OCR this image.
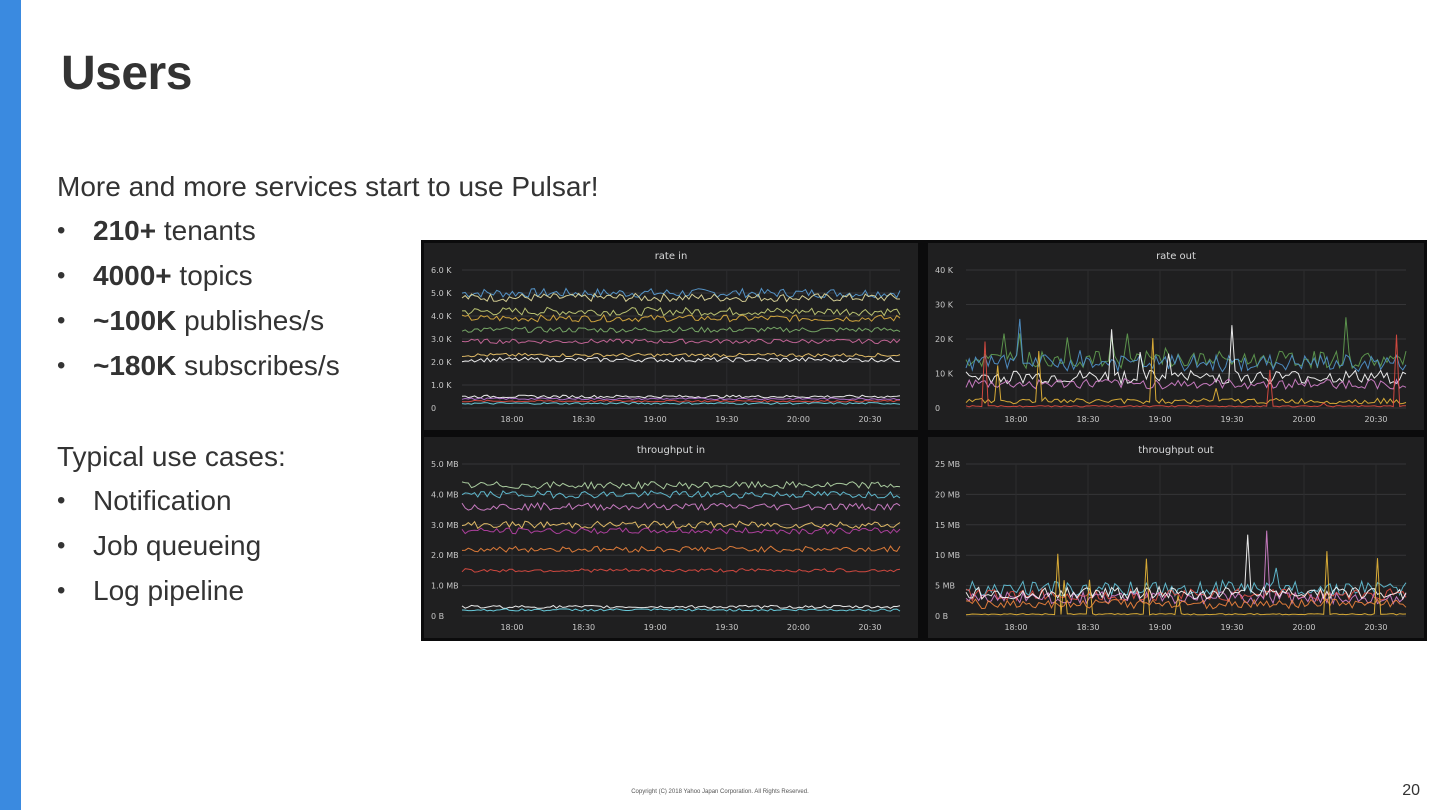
Users
More and more services start to use Pulsar!
• 210+ tenants
• 4000+ topics
• ~100K publishes/s
• ~180K subscribes/s
Typical use cases:
• Notification
• Job queueing
• Log pipeline
rate in
0
1.0 K
2.0 K
3.0 K
4.0 K
5.0 K
6.0 K
18:00	18:30	19:00	19:30	20:00	20:30
rate out
0
10 K
20 K
30 K
40 K
18:00	18:30	19:00	19:30	20:00	20:30
throughput in
0 B
1.0 MB
2.0 MB
3.0 MB
4.0 MB
5.0 MB
18:00	18:30	19:00	19:30	20:00	20:30
throughput out
0 B
5 MB
10 MB
15 MB
20 MB
25 MB
18:00	18:30	19:00	19:30	20:00	20:30
Copyright (C) 2018 Yahoo Japan Corporation. All Rights Reserved.	20
